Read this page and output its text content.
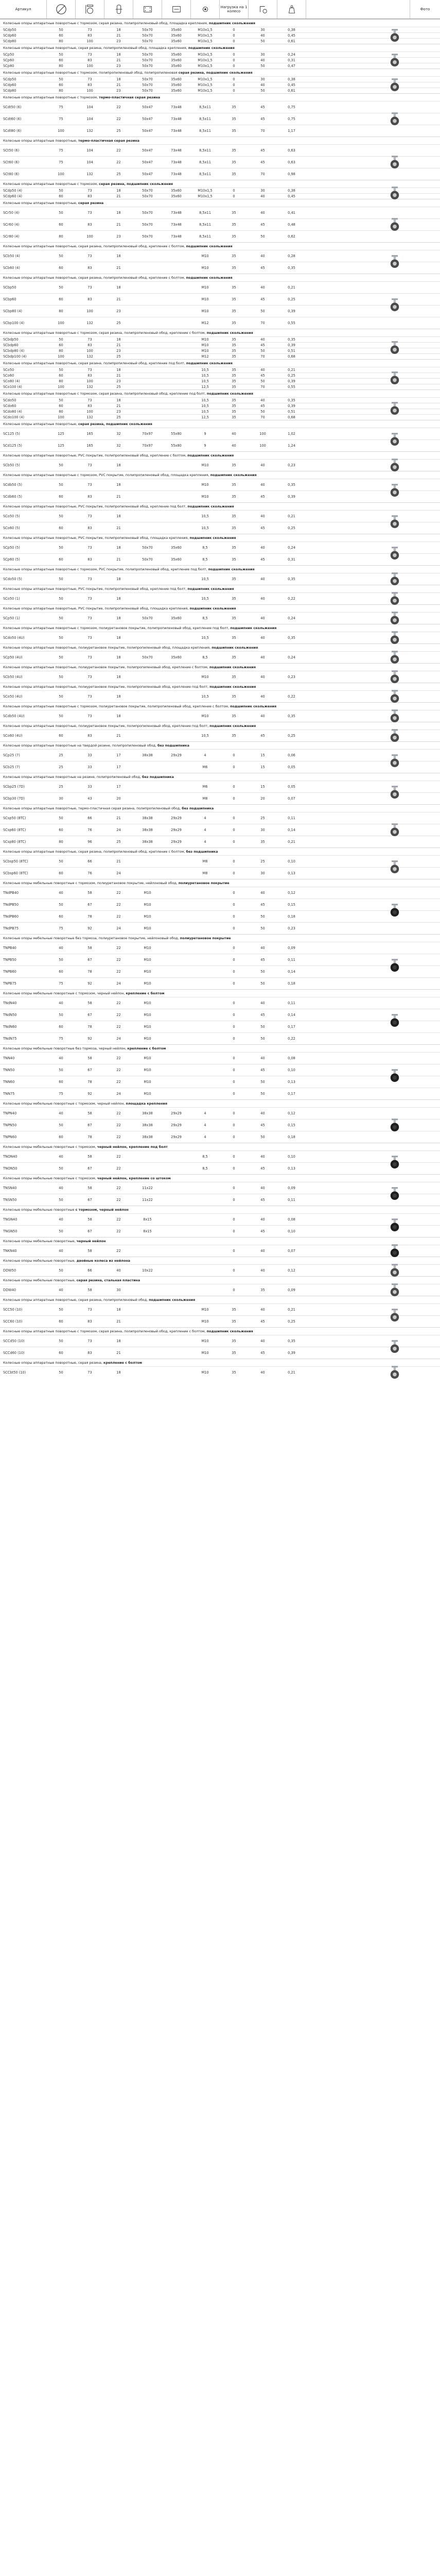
Артикул	Нагрузка на 1 колесо	Фото
Колесные опоры аппаратные поворотные с тормозом, серая резина, полипропиленовый обод, площадка крепления, подшипник скольжения
SCdp50	50	73	18	50x70	35х60	М10x1,5	0	30	0,38
SCdp60	60	83	21	50x70	35х60	М10x1,5	0	40	0,45
SCdp80	80	100	23	50x70	35х60	М10x1,5	0	50	0,61
Колесные опоры аппаратные поворотные, серая резина, полипропиленовый обод, площадка крепления, подшипник скольжения
SCp50	50	73	18	50x70	35х60	М10x1,5	0	30	0,24
SCp60	60	83	21	50x70	35х60	М10x1,5	0	40	0,31
SCp80	80	100	23	50x70	35х60	М10x1,5	0	50	0,47
Колесные опоры аппаратные поворотные с тормозом, полипропиленовый обод, полипропиленовая серая резина, подшипник скольжения
SCdp50	50	73	18	50x70	35х60	М10x1,5	0	30	0,38
SCdp60	60	83	21	50x70	35х60	М10x1,5	0	40	0,45
SCdp80	80	100	23	50x70	35х60	М10x1,5	0	50	0,61
Колесные опоры аппаратные поворотные с тормозом, термо-пластичная серая резина
SCdt50 (6)	75	104	22	50x47	73x48	8,5x11	35	45	0,75
SCdt60 (6)	75	104	22	50x47	73x48	8,5x11	35	45	0,75
SCdt80 (6)	100	132	25	50x47	73x48	8,5x11	35	70	1,17
Колесные опоры аппаратные поворотные, термо-пластичная серая резина
SCt50 (6)	75	104	22	50x47	73x48	8,5x11	35	45	0,63
SCt60 (6)	75	104	22	50x47	73x48	8,5x11	35	45	0,63
SCt80 (6)	100	132	25	50x47	73x48	8,5x11	35	70	0,98
Колесные опоры аппаратные поворотные с тормозом, серая резина, подшипник скольжения
SCdp50 (4)	50	73	18	50x70	35х60	М10x1,5	0	30	0,38
SCdp60 (4)	60	83	21	50x70	35х60	М10x1,5	0	40	0,45
Колесные опоры аппаратные поворотные, серая резина
SCr50 (4)	50	73	18	50x70	73x48	8,5x11	35	40	0,41
SCr60 (4)	60	83	21	50x70	73x48	8,5x11	35	45	0,48
SCr80 (4)	80	100	23	50x70	73x48	8,5x11	35	50	0,62
Колесные опоры аппаратные поворотные, серая резина, полипропиленовый обод, крепление с болтом, подшипник скольжения
SCb50 (4)	50	73	18	М10	35	40	0,28
SCb60 (4)	60	83	21	М10	35	45	0,35
Колесные опоры аппаратные поворотные, серая резина, полипропиленовый обод, крепление с болтом, подшипник скольжения
SCbp50	50	73	18	М10	35	40	0,21
SCbp60	60	83	21	М10	35	45	0,25
SCbp80 (4)	80	100	23	М10	35	50	0,39
SCbp100 (4)	100	132	25	М12	35	70	0,55
Колесные опоры аппаратные поворотные с тормозом, серая резина, полипропиленовый обод, крепление с болтом, подшипник скольжения
SCbdp50	50	73	18	М10	35	40	0,35
SCbdp60	60	83	21	М10	35	45	0,39
SCbdp80 (4)	80	100	23	М10	35	50	0,51
SCbdp100 (4)	100	132	25	М12	35	70	0,68
Колесные опоры аппаратные поворотные, серая резина, полипропиленовый обод, крепление под болт, подшипник скольжения
SCo50	50	73	18	10,5	35	40	0,21
SCo60	60	83	21	10,5	35	45	0,25
SCo80 (4)	80	100	23	10,5	35	50	0,39
SCo100 (4)	100	132	25	12,5	35	70	0,55
Колесные опоры аппаратные поворотные с тормозом, серая резина, полипропиленовый обод, крепление под болт, подшипник скольжения
SCdo50	50	73	18	10,5	35	40	0,35
SCdo60	60	83	21	10,5	35	45	0,39
SCdo80 (4)	80	100	23	10,5	35	50	0,51
SCdo100 (4)	100	132	25	12,5	35	70	0,68
Колесные опоры аппаратные поворотные, серая резина, подшипник скольжения
SC125 (5)	125	165	32	70x97	55x80	9	40	100	1,02
SCd125 (5)	125	165	32	70x97	55x80	9	40	100	1,24
Колесные опоры аппаратные поворотные, PVC покрытие, полипропиленовый обод, крепление с болтом, подшипник скольжения
SCb50 (5)	50	73	18	М10	35	40	0,23
Колесные опоры аппаратные поворотные с тормозом, PVC покрытие, полипропиленовый обод, площадка крепления, подшипник скольжения
SCdb50 (5)	50	73	18	М10	35	40	0,35
SCdb60 (5)	60	83	21	М10	35	45	0,39
Колесные опоры аппаратные поворотные, PVC покрытие, полипропиленовый обод, крепление под болт, подшипник скольжения
SCo50 (5)	50	73	18	10,5	35	40	0,21
SCo60 (5)	60	83	21	10,5	35	45	0,25
Колесные опоры аппаратные поворотные, PVC покрытие, полипропиленовый обод, площадка крепления, подшипник скольжения
SCp50 (5)	50	73	18	50x70	35x60	8,5	35	40	0,24
SCp60 (5)	60	83	21	50x70	35x60	8,5	35	45	0,31
Колесные опоры аппаратные поворотные с тормозом, PVC покрытие, полипропиленовый обод, крепление под болт, подшипник скольжения
SCdo50 (5)	50	73	18	10,5	35	40	0,35
Колесные опоры аппаратные поворотные, PVC покрытие, полипропиленовый обод, крепление под болт, подшипник скольжения
SCo50 (1)	50	73	18	10,5	35	40	0,22
Колесные опоры аппаратные поворотные, PVC покрытие, полипропиленовый обод, площадка крепления, подшипник скольжения
SCp50 (1)	50	73	18	50x70	35x60	8,5	35	40	0,24
Колесные опоры аппаратные поворотные с тормозом, полиуретановое покрытие, полипропиленовый обод, крепление под болт, подшипник скольжения
SCdo50 (4U)	50	73	18	10,5	35	40	0,35
Колесные опоры аппаратные поворотные, полиуретановое покрытие, полипропиленовый обод, площадка крепления, подшипник скольжения
SCp50 (4U)	50	73	18	50x70	35x60	8,5	35	40	0,24
Колесные опоры аппаратные поворотные, полиуретановое покрытие, полипропиленовый обод, крепление с болтом, подшипник скольжения
SCb50 (4U)	50	73	18	М10	35	40	0,23
Колесные опоры аппаратные поворотные, полиуретановое покрытие, полипропиленовый обод, крепление под болт, подшипник скольжения
SCo50 (4U)	50	73	18	10,5	35	40	0,22
Колесные опоры аппаратные поворотные с тормозом, полиуретановое покрытие, полипропиленовый обод, крепление с болтом, подшипник скольжения
SCdb50 (4U)	50	73	18	М10	35	40	0,35
Колесные опоры аппаратные поворотные, полиуретановое покрытие, полипропиленовый обод, крепление под болт, подшипник скольжения
SCo60 (4U)	60	83	21	10,5	35	45	0,25
Колесные опоры аппаратные поворотные на твердой резине, полипропиленовый обод, без подшипника
SCp25 (7)	25	33	17	38x38	29x29	4	0	15	0,06
SCb25 (7)	25	33	17	М6	0	15	0,05
Колесные опоры аппаратные поворотные на резине, полипропиленовый обод, без подшипника
SCbp25 (7D)	25	33	17	М6	0	15	0,05
SCbp30 (7D)	30	43	20	М8	0	20	0,07
Колесные опоры аппаратные поворотные, термо-пластичная серая резина, полипропиленовый обод, без подшипника
SCsp50 (8TC)	50	66	21	38x38	29x29	4	0	25	0,11
SCsp60 (8TC)	60	76	24	38x38	29x29	4	0	30	0,14
SCsp80 (8TC)	80	96	25	38x38	29x29	4	0	35	0,21
Колесные опоры аппаратные поворотные, серая резина, полипропиленовый обод, крепление с болтом, без подшипника
SCbsp50 (8TC)	50	66	21	М8	0	25	0,10
SCbsp60 (8TC)	60	76	24	М8	0	30	0,13
Колесные опоры мебельные поворотные с тормозом, полиуретановое покрытие, нейлоновый обод, полиуретановое покрытие
TNdPB40	40	58	22	М10	0	40	0,12
TNdPB50	50	67	22	М10	0	45	0,15
TNdPB60	60	78	22	М10	0	50	0,18
TNdPB75	75	92	24	М10	0	50	0,23
Колесные опоры мебельные поворотные без тормоза, полиуретановое покрытие, нейлоновый обод, полиуретановое покрытие
TNPB40	40	58	22	М10	0	40	0,09
TNPB50	50	67	22	М10	0	45	0,11
TNPB60	60	78	22	М10	0	50	0,14
TNPB75	75	92	24	М10	0	50	0,18
Колесные опоры мебельные поворотные с тормозом, черный нейлон, крепление с болтом
TNdN40	40	58	22	М10	0	40	0,11
TNdN50	50	67	22	М10	0	45	0,14
TNdN60	60	78	22	М10	0	50	0,17
TNdN75	75	92	24	М10	0	50	0,22
Колесные опоры мебельные поворотные без тормоза, черный нейлон, крепление с болтом
TNN40	40	58	22	М10	0	40	0,08
TNN50	50	67	22	М10	0	45	0,10
TNN60	60	78	22	М10	0	50	0,13
TNN75	75	92	24	М10	0	50	0,17
Колесные опоры мебельные поворотные с тормозом, черный нейлон, площадка крепления
TNPN40	40	58	22	38x38	29x29	4	0	40	0,12
TNPN50	50	67	22	38x38	29x29	4	0	45	0,15
TNPN60	60	78	22	38x38	29x29	4	0	50	0,18
Колесные опоры мебельные поворотные с тормозом, черный нейлон, крепление под болт
TNON40	40	58	22	8,5	0	40	0,10
TNON50	50	67	22	8,5	0	45	0,13
Колесные опоры мебельные поворотные с тормозом, черный нейлон, крепление со штоком
TNSN40	40	58	22	11x22	0	40	0,09
TNSN50	50	67	22	11x22	0	45	0,11
Колесные опоры мебельные поворотные с тормозом, черный нейлон
TNGN40	40	58	22	8x15	0	40	0,08
TNGN50	50	67	22	8x15	0	45	0,10
Колесные опоры мебельные поворотные, черный нейлон
TNKN40	40	58	22	0	40	0,07
Колесные опоры мебельные поворотные, двойные колеса из нейлона
DDW50	50	66	40	10x22	0	40	0,12
Колесные опоры мебельные поворотные, серая резина, стальная пластина
DDW40	40	58	30	0	35	0,09
Колесные опоры аппаратные поворотные, серая резина, полипропиленовый обод, подшипник скольжения
SCC50 (10)	50	73	18	М10	35	40	0,21
SCC60 (10)	60	83	21	М10	35	45	0,25
Колесные опоры аппаратные поворотные с тормозом, серая резина, полипропиленовый обод, крепление с болтом, подшипник скольжения
SCCd50 (10)	50	73	18	М10	35	40	0,35
SCCd60 (10)	60	83	21	М10	35	45	0,39
Колесные опоры аппаратные поворотные, серая резина, крепление с болтом
SCCbt50 (10)	50	73	18	М10	35	40	0,21
